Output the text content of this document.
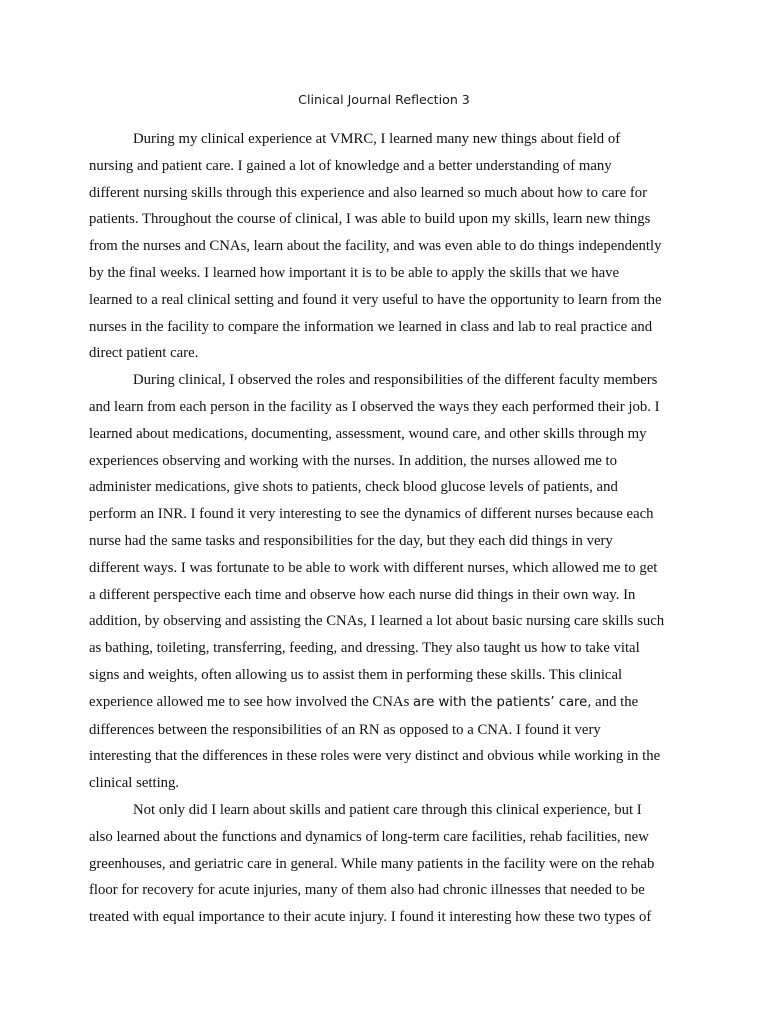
Clinical Journal Reflection 3
During my clinical experience at VMRC, I learned many new things about field of
nursing and patient care. I gained a lot of knowledge and a better understanding of many
different nursing skills through this experience and also learned so much about how to care for
patients. Throughout the course of clinical, I was able to build upon my skills, learn new things
from the nurses and CNAs, learn about the facility, and was even able to do things independently
by the final weeks. I learned how important it is to be able to apply the skills that we have
learned to a real clinical setting and found it very useful to have the opportunity to learn from the
nurses in the facility to compare the information we learned in class and lab to real practice and
direct patient care.
During clinical, I observed the roles and responsibilities of the different faculty members
and learn from each person in the facility as I observed the ways they each performed their job. I
learned about medications, documenting, assessment, wound care, and other skills through my
experiences observing and working with the nurses. In addition, the nurses allowed me to
administer medications, give shots to patients, check blood glucose levels of patients, and
perform an INR. I found it very interesting to see the dynamics of different nurses because each
nurse had the same tasks and responsibilities for the day, but they each did things in very
different ways. I was fortunate to be able to work with different nurses, which allowed me to get
a different perspective each time and observe how each nurse did things in their own way. In
addition, by observing and assisting the CNAs, I learned a lot about basic nursing care skills such
as bathing, toileting, transferring, feeding, and dressing. They also taught us how to take vital
signs and weights, often allowing us to assist them in performing these skills. This clinical
experience allowed me to see how involved the CNAs are with the patients’ care, and the
differences between the responsibilities of an RN as opposed to a CNA. I found it very
interesting that the differences in these roles were very distinct and obvious while working in the
clinical setting.
Not only did I learn about skills and patient care through this clinical experience, but I
also learned about the functions and dynamics of long-term care facilities, rehab facilities, new
greenhouses, and geriatric care in general. While many patients in the facility were on the rehab
floor for recovery for acute injuries, many of them also had chronic illnesses that needed to be
treated with equal importance to their acute injury. I found it interesting how these two types of
